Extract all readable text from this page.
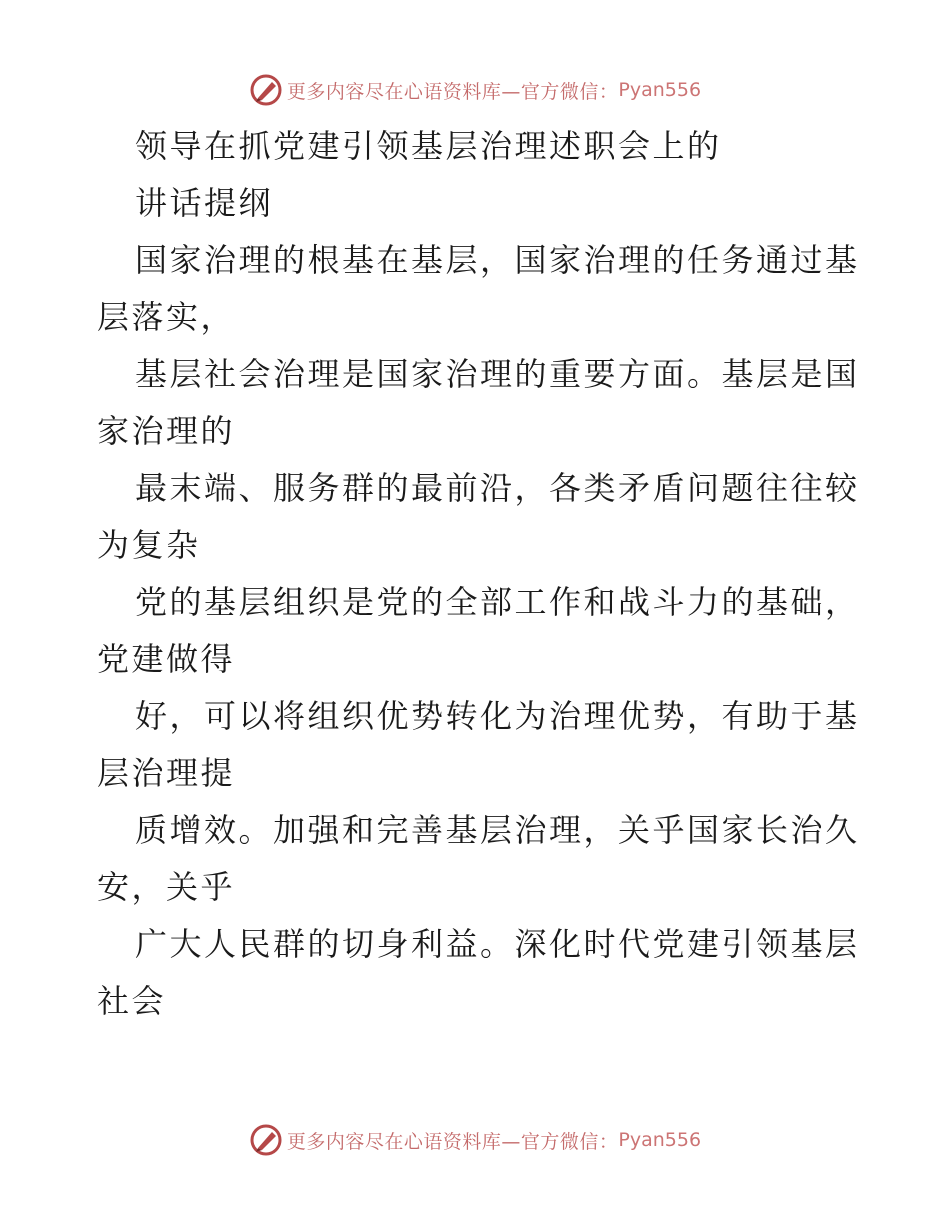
更多内容尽在心语资料库—官方微信： Pyan556
领导在抓党建引领基层治理述职会上的
讲话提纲
国家治理的根基在基层，国家治理的任务通过基
层落实，
基层社会治理是国家治理的重要方面。基层是国
家治理的
最末端、服务群的最前沿，各类矛盾问题往往较
为复杂
党的基层组织是党的全部工作和战斗力的基础，
党建做得
好，可以将组织优势转化为治理优势，有助于基
层治理提
质增效。加强和完善基层治理，关乎国家长治久
安，关乎
广大人民群的切身利益。深化时代党建引领基层
社会
更多内容尽在心语资料库—官方微信： Pyan556
